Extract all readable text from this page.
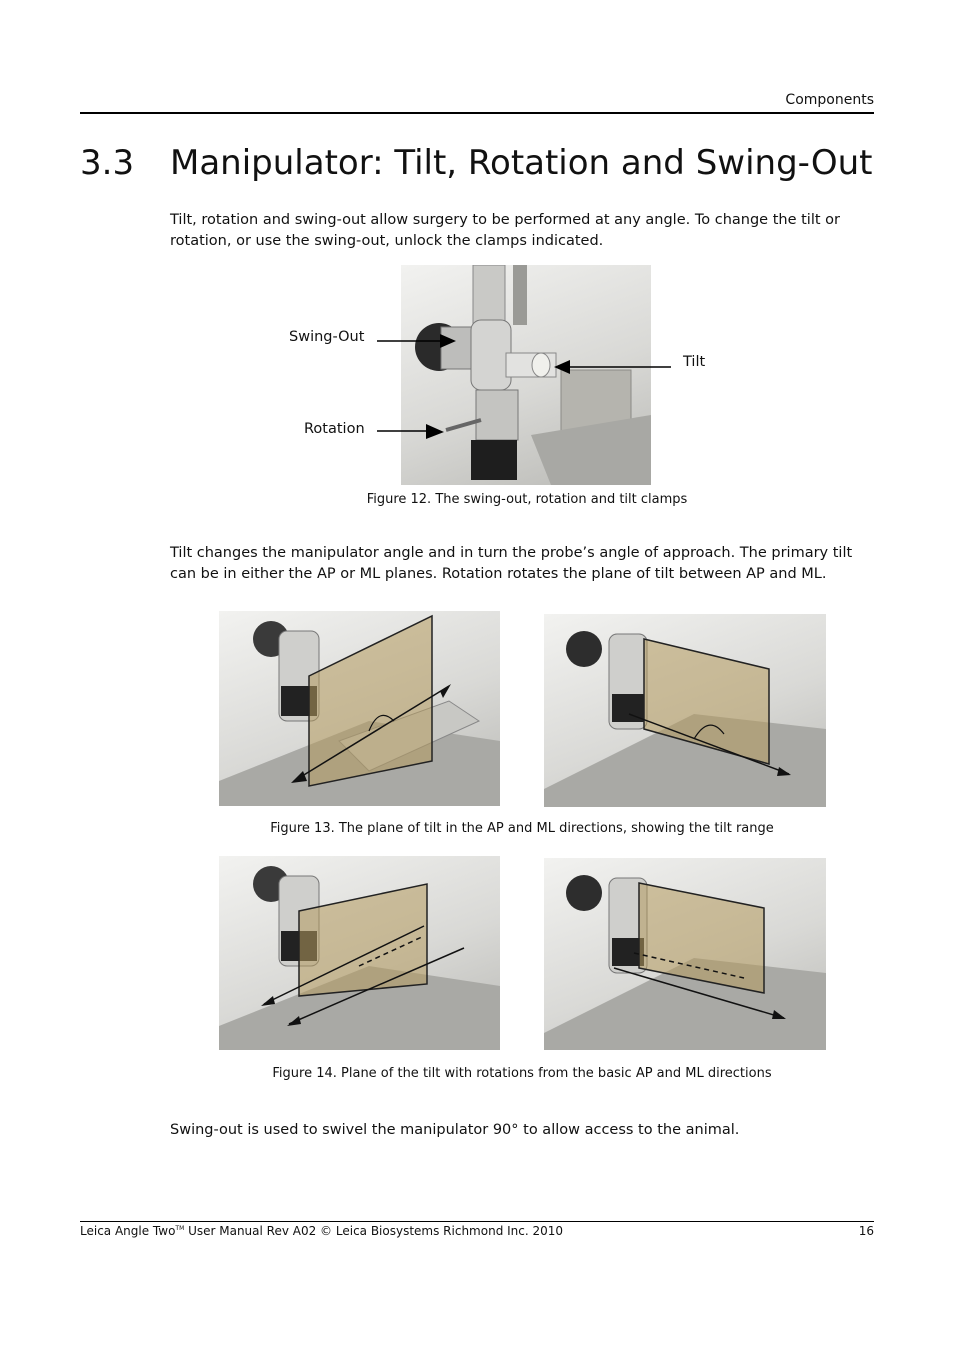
Components
3.3 Manipulator: Tilt, Rotation and Swing-Out
Tilt, rotation and swing-out allow surgery to be performed at any angle. To change the tilt or rotation, or use the swing-out, unlock the clamps indicated.
Swing-Out
Rotation
Tilt
Figure 12. The swing-out, rotation and tilt clamps
Tilt changes the manipulator angle and in turn the probe’s angle of approach. The primary tilt can be in either the AP or ML planes. Rotation rotates the plane of tilt between AP and ML.
Figure 13. The plane of tilt in the AP and ML directions, showing the tilt range
Figure 14. Plane of the tilt with rotations from the basic AP and ML directions
Swing-out is used to swivel the manipulator 90° to allow access to the animal.
Leica Angle Two™ User Manual Rev A02 © Leica Biosystems Richmond Inc. 2010	16
